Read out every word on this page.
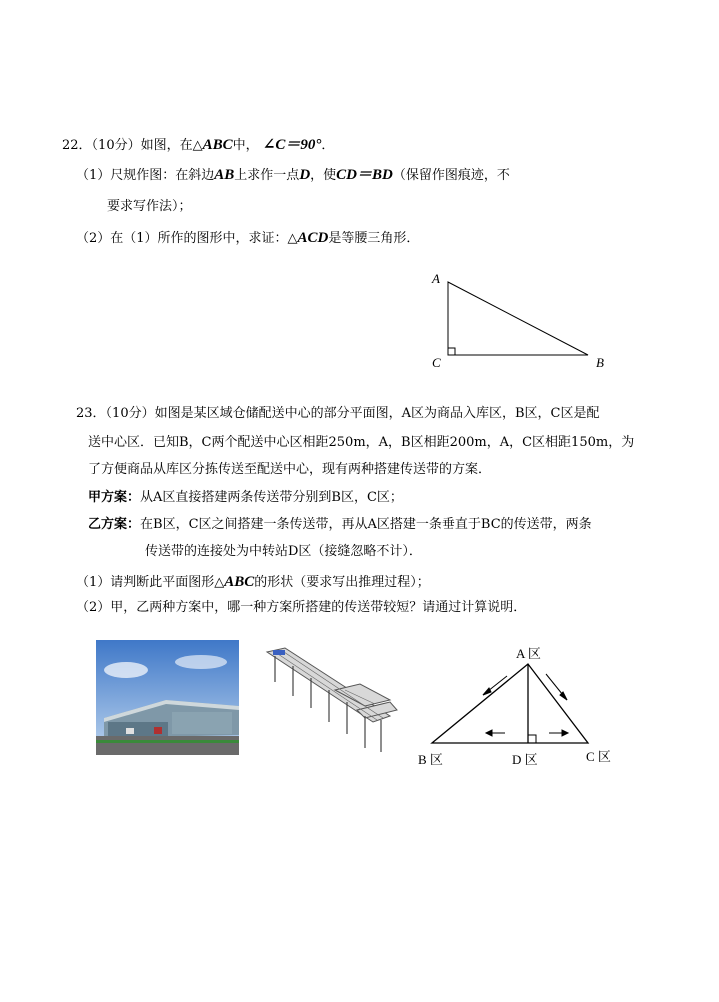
22．（10分）如图，在△ABC中， ∠C＝90°．
（1）尺规作图：在斜边AB上求作一点D，使CD＝BD（保留作图痕迹，不
要求写作法）；
（2）在（1）所作的图形中，求证：△ACD是等腰三角形．
A
C	B
23．（10分）如图是某区域仓储配送中心的部分平面图，A区为商品入库区，B区，C区是配
送中心区．已知B，C两个配送中心区相距250m，A，B区相距200m，A，C区相距150m，为
了方便商品从库区分拣传送至配送中心，现有两种搭建传送带的方案．
甲方案：从A区直接搭建两条传送带分别到B区，C区；
乙方案：在B区，C区之间搭建一条传送带，再从A区搭建一条垂直于BC的传送带，两条
传送带的连接处为中转站D区（接缝忽略不计）．
（1）请判断此平面图形△ABC的形状（要求写出推理过程）；
（2）甲，乙两种方案中，哪一种方案所搭建的传送带较短？请通过计算说明．
A 区
B 区	D 区	C 区
